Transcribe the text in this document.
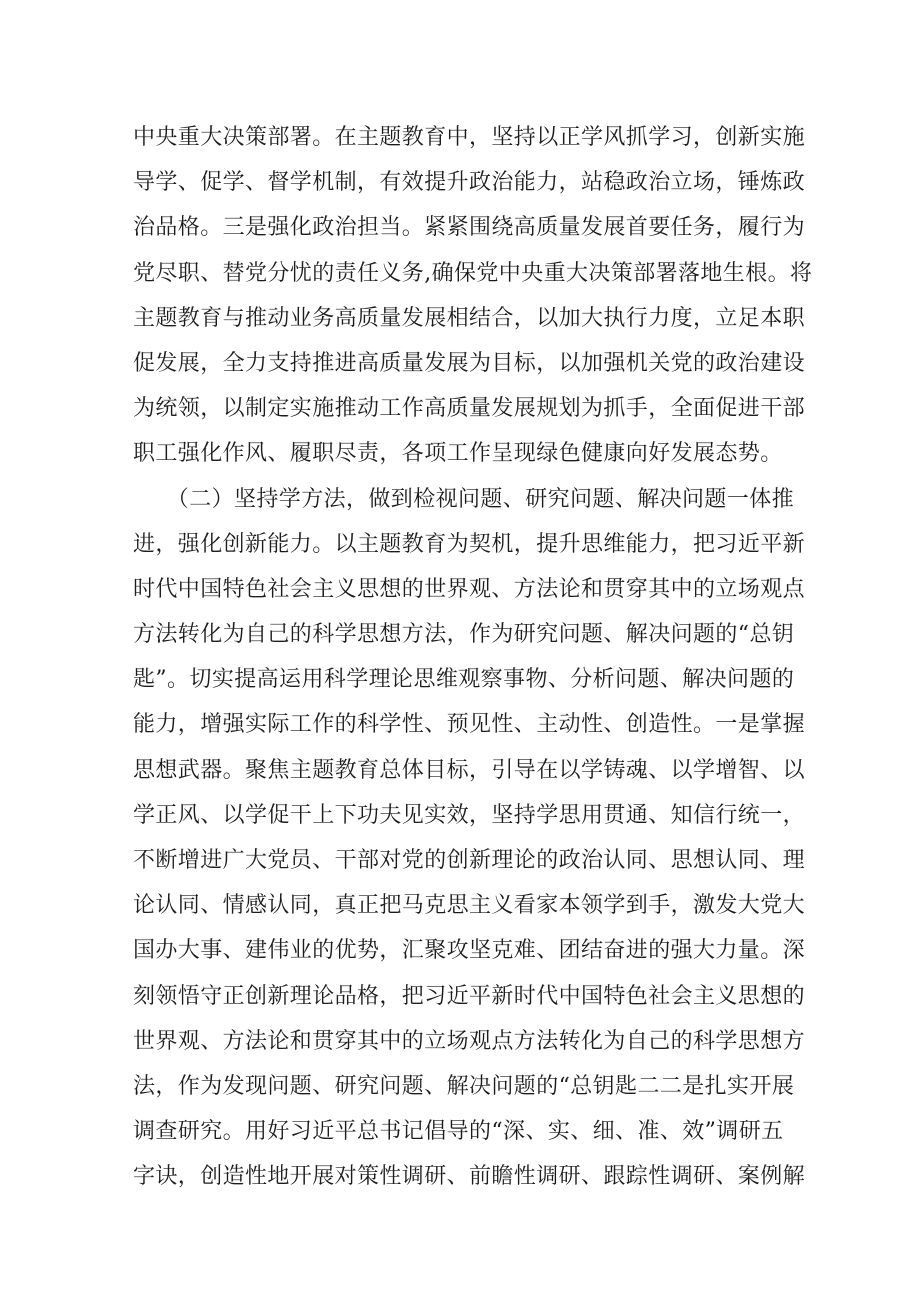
中央重大决策部署。在主题教育中，坚持以正学风抓学习，创新实施
导学、促学、督学机制，有效提升政治能力，站稳政治立场，锤炼政
治品格。三是强化政治担当。紧紧围绕高质量发展首要任务，履行为
党尽职、替党分忧的责任义务,确保党中央重大决策部署落地生根。将
主题教育与推动业务高质量发展相结合，以加大执行力度，立足本职
促发展，全力支持推进高质量发展为目标，以加强机关党的政治建设
为统领，以制定实施推动工作高质量发展规划为抓手，全面促进干部
职工强化作风、履职尽责，各项工作呈现绿色健康向好发展态势。
　　（二）坚持学方法，做到检视问题、研究问题、解决问题一体推
进，强化创新能力。以主题教育为契机，提升思维能力，把习近平新
时代中国特色社会主义思想的世界观、方法论和贯穿其中的立场观点
方法转化为自己的科学思想方法，作为研究问题、解决问题的“总钥
匙”。切实提高运用科学理论思维观察事物、分析问题、解决问题的
能力，增强实际工作的科学性、预见性、主动性、创造性。一是掌握
思想武器。聚焦主题教育总体目标，引导在以学铸魂、以学增智、以
学正风、以学促干上下功夫见实效，坚持学思用贯通、知信行统一，
不断增进广大党员、干部对党的创新理论的政治认同、思想认同、理
论认同、情感认同，真正把马克思主义看家本领学到手，激发大党大
国办大事、建伟业的优势，汇聚攻坚克难、团结奋进的强大力量。深
刻领悟守正创新理论品格，把习近平新时代中国特色社会主义思想的
世界观、方法论和贯穿其中的立场观点方法转化为自己的科学思想方
法，作为发现问题、研究问题、解决问题的“总钥匙二二是扎实开展
调查研究。用好习近平总书记倡导的“深、实、细、准、效”调研五
字诀，创造性地开展对策性调研、前瞻性调研、跟踪性调研、案例解
